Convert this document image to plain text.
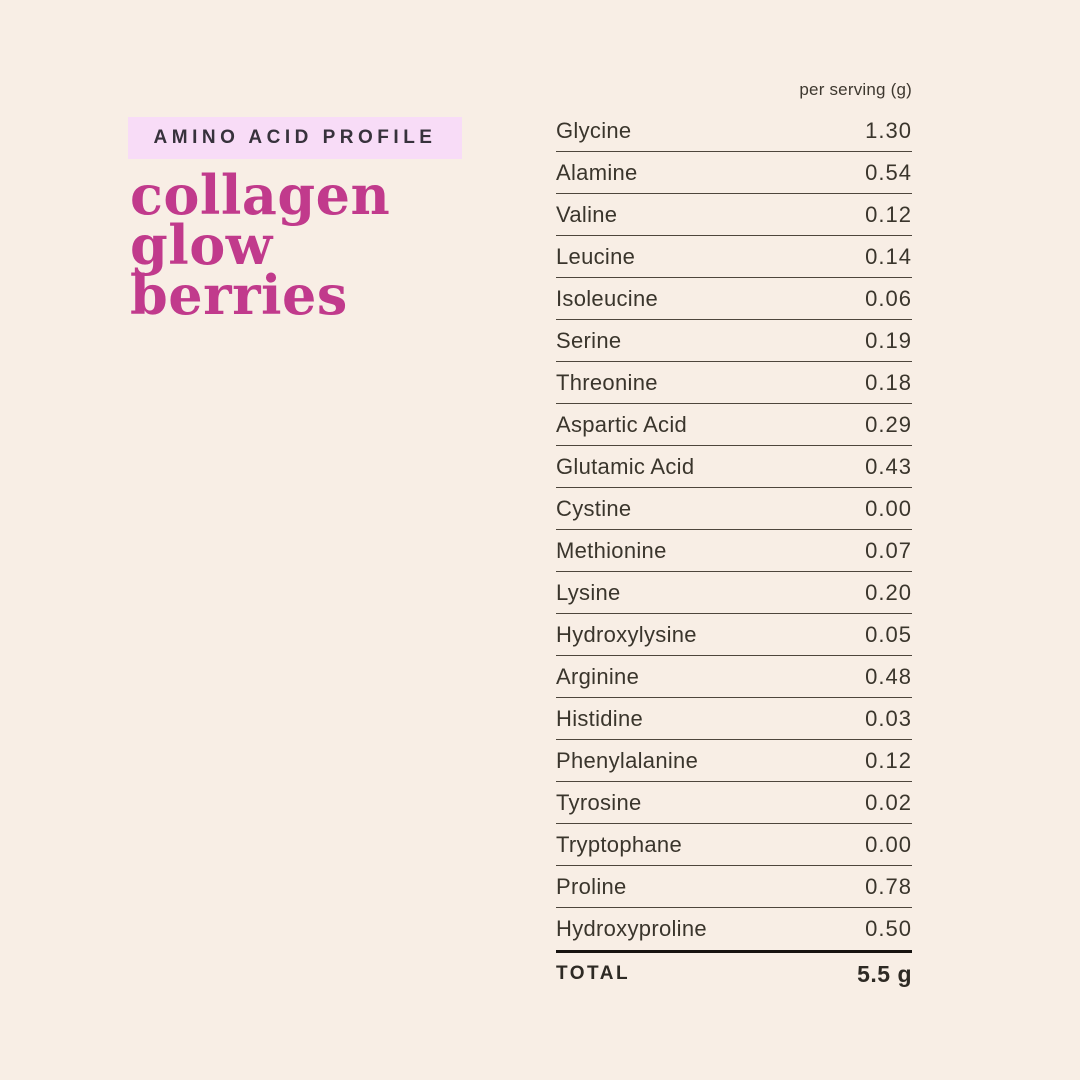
AMINO ACID PROFILE
collagen
glow
berries
per serving (g)
Glycine	1.30
Alamine	0.54
Valine	0.12
Leucine	0.14
Isoleucine	0.06
Serine	0.19
Threonine	0.18
Aspartic Acid	0.29
Glutamic Acid	0.43
Cystine	0.00
Methionine	0.07
Lysine	0.20
Hydroxylysine	0.05
Arginine	0.48
Histidine	0.03
Phenylalanine	0.12
Tyrosine	0.02
Tryptophane	0.00
Proline	0.78
Hydroxyproline	0.50
TOTAL	5.5 g
